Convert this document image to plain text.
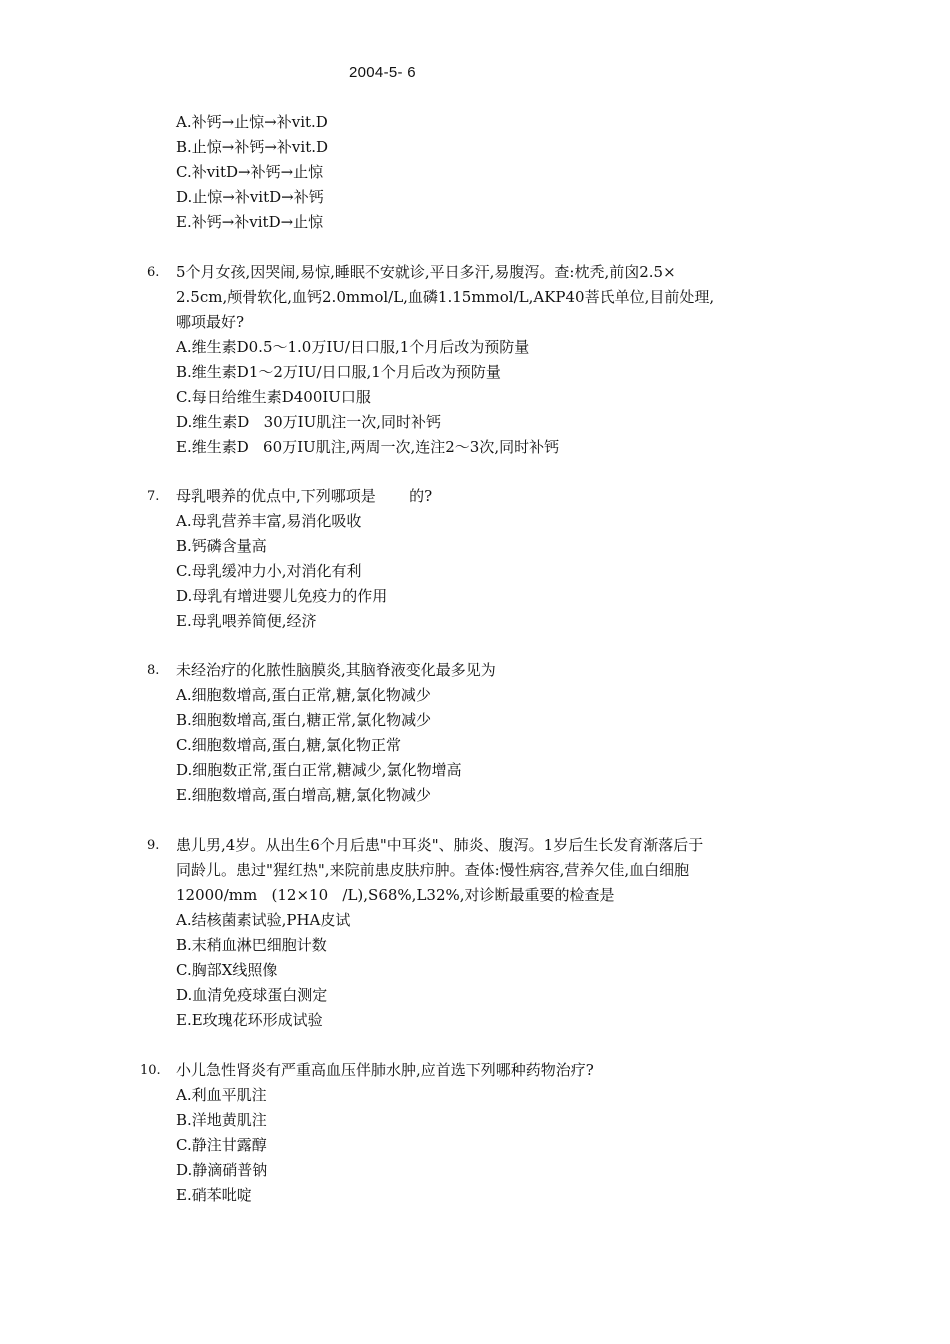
2004-5- 6
A.补钙→止惊→补vit.D
B.止惊→补钙→补vit.D
C.补vitD→补钙→止惊
D.止惊→补vitD→补钙
E.补钙→补vitD→止惊
6. 5个月女孩,因哭闹,易惊,睡眠不安就诊,平日多汗,易腹泻。查:枕秃,前囟2.5×
2.5cm,颅骨软化,血钙2.0mmol/L,血磷1.15mmol/L,AKP40菩氏单位,目前处理,
哪项最好?
A.维生素D0.5～1.0万IU/日口服,1个月后改为预防量
B.维生素D1～2万IU/日口服,1个月后改为预防量
C.每日给维生素D400IU口服
D.维生素D   30万IU肌注一次,同时补钙
E.维生素D   60万IU肌注,两周一次,连注2～3次,同时补钙
7. 母乳喂养的优点中,下列哪项是       的?
A.母乳营养丰富,易消化吸收
B.钙磷含量高
C.母乳缓冲力小,对消化有利
D.母乳有增进婴儿免疫力的作用
E.母乳喂养简便,经济
8. 未经治疗的化脓性脑膜炎,其脑脊液变化最多见为
A.细胞数增高,蛋白正常,糖,氯化物减少
B.细胞数增高,蛋白,糖正常,氯化物减少
C.细胞数增高,蛋白,糖,氯化物正常
D.细胞数正常,蛋白正常,糖减少,氯化物增高
E.细胞数增高,蛋白增高,糖,氯化物减少
9. 患儿男,4岁。从出生6个月后患"中耳炎"、肺炎、腹泻。1岁后生长发育渐落后于
同龄儿。患过"猩红热",来院前患皮肤疖肿。查体:慢性病容,营养欠佳,血白细胞
12000/mm   (12×10   /L),S68%,L32%,对诊断最重要的检查是
A.结核菌素试验,PHA皮试
B.末稍血淋巴细胞计数
C.胸部X线照像
D.血清免疫球蛋白测定
E.E玫瑰花环形成试验
10. 小儿急性肾炎有严重高血压伴肺水肿,应首选下列哪种药物治疗?
A.利血平肌注
B.洋地黄肌注
C.静注甘露醇
D.静滴硝普钠
E.硝苯吡啶
